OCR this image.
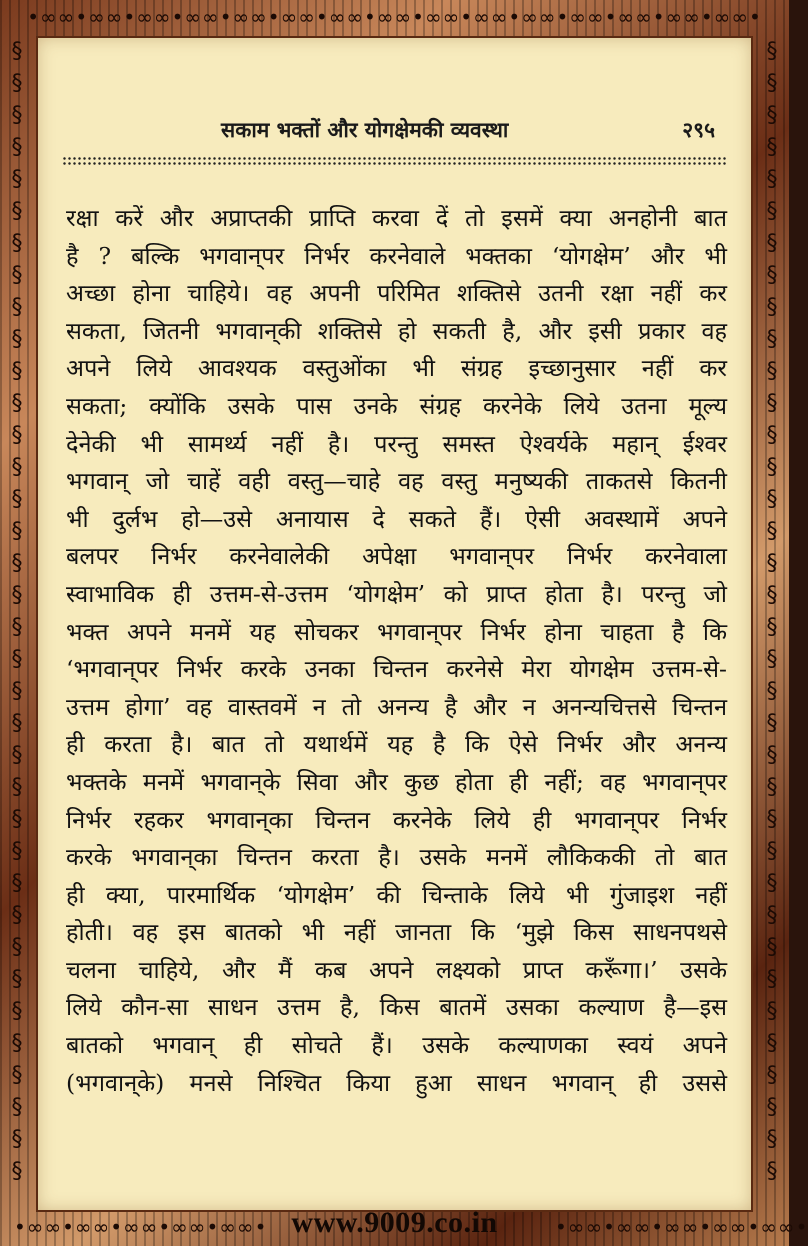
•∞∞•∞∞•∞∞•∞∞•∞∞•∞∞•∞∞•∞∞•∞∞•∞∞•∞∞•∞∞•∞∞•∞∞•∞∞•
§
§
§
§
§
§
§
§
§
§
§
§
§
§
§
§
§
§
§
§
§
§
§
§
§
§
§
§
§
§
§
§
§
§
§
§
§
§
§
§
§
§
§
§
§
§
§
§
§
§
§
§
§
§
§
§
§
§
§
§
§
§
§
§
§
§
§
§
§
§
§
§
•∞∞•∞∞•∞∞•∞∞•∞∞•	•∞∞•∞∞•∞∞•∞∞•∞∞•
सकाम भक्तों और योगक्षेमकी व्यवस्था	२९५
रक्षा करें और अप्राप्तकी प्राप्ति करवा दें तो इसमें क्या अनहोनी बात
है ? बल्कि भगवान्‌पर निर्भर करनेवाले भक्तका ‘योगक्षेम’ और भी
अच्छा होना चाहिये। वह अपनी परिमित शक्तिसे उतनी रक्षा नहीं कर
सकता, जितनी भगवान्‌की शक्तिसे हो सकती है, और इसी प्रकार वह
अपने लिये आवश्यक वस्तुओंका भी संग्रह इच्छानुसार नहीं कर
सकता; क्योंकि उसके पास उनके संग्रह करनेके लिये उतना मूल्य
देनेकी भी सामर्थ्य नहीं है। परन्तु समस्त ऐश्वर्यके महान् ईश्वर
भगवान् जो चाहें वही वस्तु—चाहे वह वस्तु मनुष्यकी ताकतसे कितनी
भी दुर्लभ हो—उसे अनायास दे सकते हैं। ऐसी अवस्थामें अपने
बलपर निर्भर करनेवालेकी अपेक्षा भगवान्‌पर निर्भर करनेवाला
स्वाभाविक ही उत्तम-से-उत्तम ‘योगक्षेम’ को प्राप्त होता है। परन्तु जो
भक्त अपने मनमें यह सोचकर भगवान्‌पर निर्भर होना चाहता है कि
‘भगवान्‌पर निर्भर करके उनका चिन्तन करनेसे मेरा योगक्षेम उत्तम-से-
उत्तम होगा’ वह वास्तवमें न तो अनन्य है और न अनन्यचित्तसे चिन्तन
ही करता है। बात तो यथार्थमें यह है कि ऐसे निर्भर और अनन्य
भक्तके मनमें भगवान्‌के सिवा और कुछ होता ही नहीं; वह भगवान्‌पर
निर्भर रहकर भगवान्‌का चिन्तन करनेके लिये ही भगवान्‌पर निर्भर
करके भगवान्‌का चिन्तन करता है। उसके मनमें लौकिककी तो बात
ही क्या, पारमार्थिक ‘योगक्षेम’ की चिन्ताके लिये भी गुंजाइश नहीं
होती। वह इस बातको भी नहीं जानता कि ‘मुझे किस साधनपथसे
चलना चाहिये, और मैं कब अपने लक्ष्यको प्राप्त करूँगा।’ उसके
लिये कौन-सा साधन उत्तम है, किस बातमें उसका कल्याण है—इस
बातको भगवान् ही सोचते हैं। उसके कल्याणका स्वयं अपने
(भगवान्‌के) मनसे निश्चित किया हुआ साधन भगवान् ही उससे
www.9009.co.in
